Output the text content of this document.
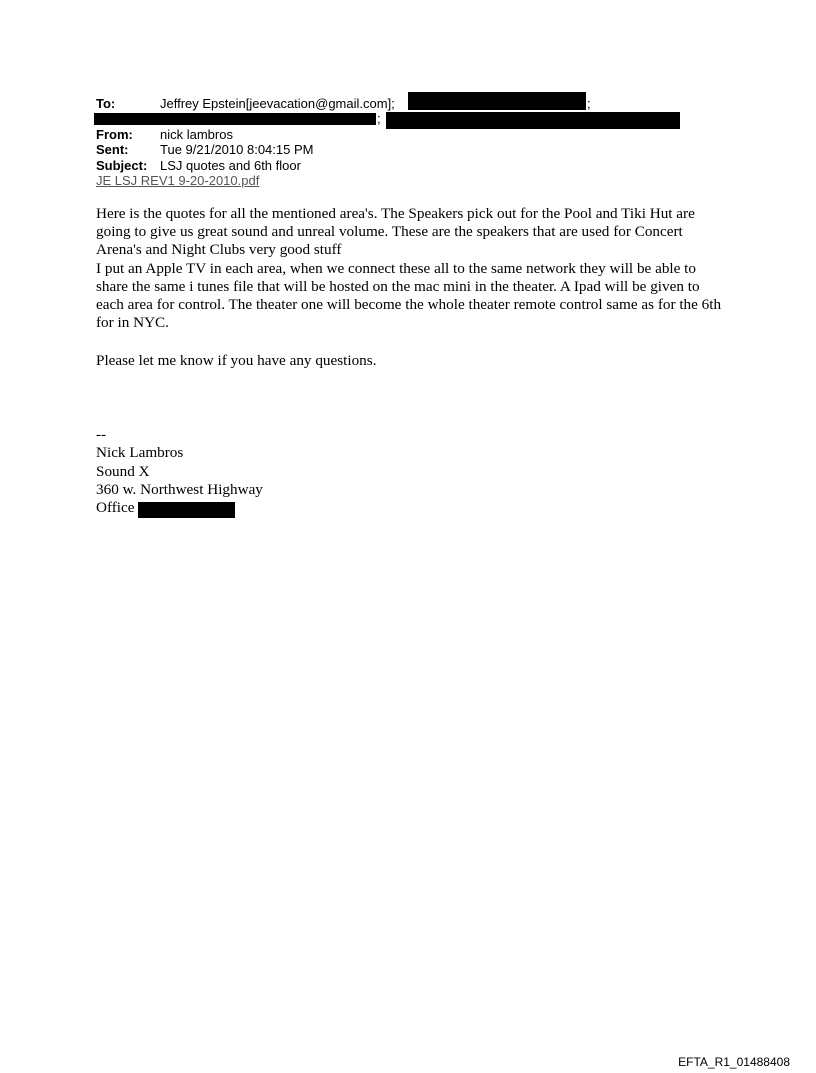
To:	Jeffrey Epstein[jeevacation@gmail.com];	;
;
From: nick lambros
Sent: Tue 9/21/2010 8:04:15 PM
Subject: LSJ quotes and 6th floor
JE LSJ REV1 9-20-2010.pdf

Here is the quotes for all the mentioned area's. The Speakers pick out for the Pool and Tiki Hut are going to give us great sound and unreal volume. These are the speakers that are used for Concert Arena's and Night Clubs very good stuff

I put an Apple TV in each area, when we connect these all to the same network they will be able to share the same i tunes file that will be hosted on the mac mini in the theater. A Ipad will be given to each area for control. The theater one will become the whole theater remote control same as for the 6th for in NYC.

Please let me know if you have any questions.

--
Nick Lambros
Sound X
360 w. Northwest Highway
Office
EFTA_R1_01488408
